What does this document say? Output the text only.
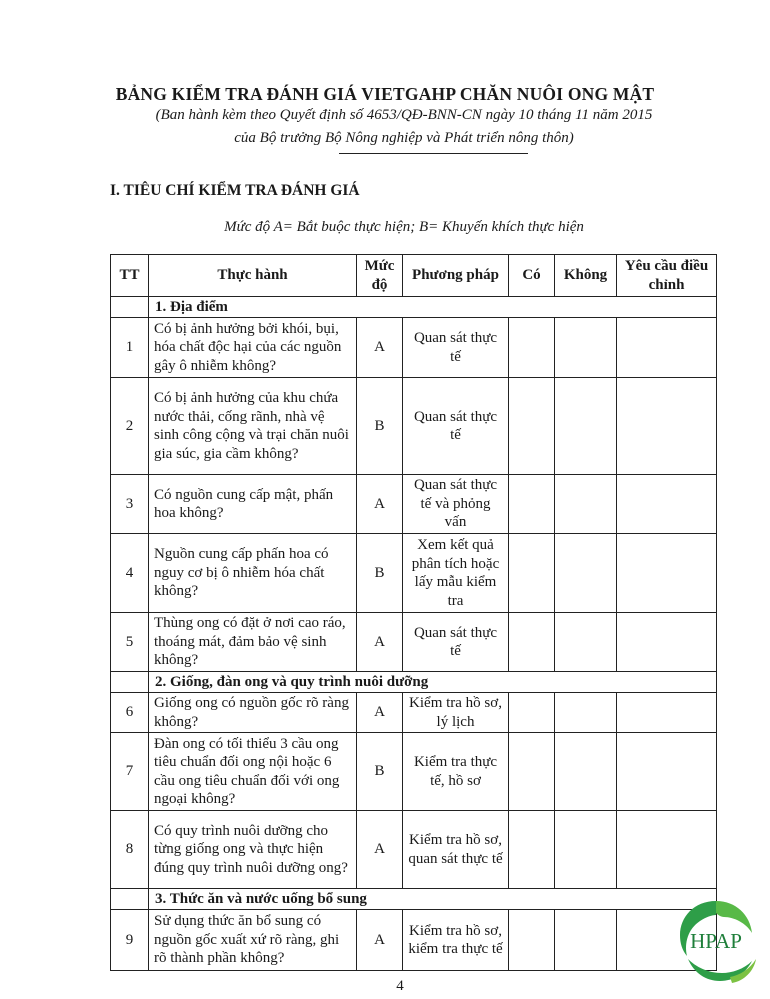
BẢNG KIỂM TRA ĐÁNH GIÁ VIETGAHP CHĂN NUÔI ONG MẬT
(Ban hành kèm theo Quyết định số 4653/QĐ-BNN-CN ngày 10 tháng 11 năm 2015
của Bộ trưởng Bộ Nông nghiệp và Phát triển nông thôn)
I. TIÊU CHÍ KIỂM TRA ĐÁNH GIÁ
Mức độ A= Bắt buộc thực hiện; B= Khuyến khích thực hiện
TT	Thực hành	Mức độ	Phương pháp	Có	Không	Yêu cầu điều chỉnh
	1. Địa điểm					
1	Có bị ảnh hưởng bởi khói, bụi, hóa chất độc hại của các nguồn gây ô nhiễm không?	A	Quan sát thực tế			
2	Có bị ảnh hưởng của khu chứa nước thải, cống rãnh, nhà vệ sinh công cộng và trại chăn nuôi gia súc, gia cầm không?	B	Quan sát thực tế			
3	Có nguồn cung cấp mật, phấn hoa không?	A	Quan sát thực tế và phỏng vấn			
4	Nguồn cung cấp phấn hoa có nguy cơ bị ô nhiễm hóa chất không?	B	Xem kết quả phân tích hoặc lấy mẫu kiểm tra			
5	Thùng ong có đặt ở nơi cao ráo, thoáng mát, đảm bảo vệ sinh không?	A	Quan sát thực tế			
	2. Giống, đàn ong và quy trình nuôi dưỡng					
6	Giống ong có nguồn gốc rõ ràng không?	A	Kiểm tra hồ sơ, lý lịch			
7	Đàn ong có tối thiểu 3 cầu ong tiêu chuẩn đối ong nội hoặc 6 cầu ong tiêu chuẩn đối với ong ngoại không?	B	Kiểm tra thực tế, hồ sơ			
8	Có quy trình nuôi dưỡng cho từng giống ong và thực hiện đúng quy trình nuôi dưỡng ong?	A	Kiểm tra hồ sơ, quan sát thực tế			
	3. Thức ăn và nước uống bổ sung					
9	Sử dụng thức ăn bổ sung có nguồn gốc xuất xứ rõ ràng, ghi rõ thành phần không?	A	Kiểm tra hồ sơ, kiểm tra thực tế			
4
HPAP
